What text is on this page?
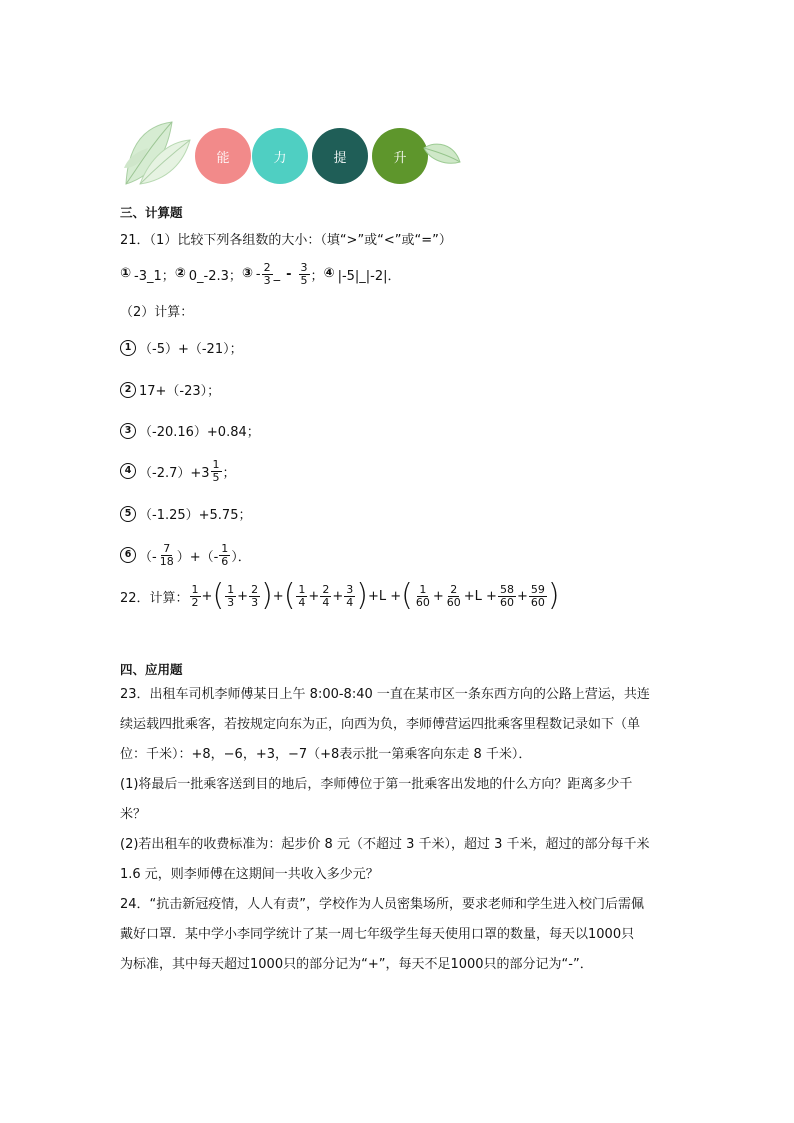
能	力	提	升
三、计算题
21．（1）比较下列各组数的大小：（填“>”或“<”或“=”）
① -3_1； ② 0_-2.3； ③ - $\frac{2}{3}$ _ - $\frac{3}{5}$ ； ④ |-5|_|-2|．
（2）计算：
1 （-5）+（-21）；
2 17+（-23）；
3 （-20.16）+0.84；
4 $(-2.7)+3 \frac{1}{5}$ ；
5 （-1.25）+5.75；
6 （- $\frac{7}{18}$ ）+（- $\frac{1}{6}$ ）．
22．计算： $\frac{1}{2}$ + ( $\frac{1}{3} + \frac{2}{3}$ ) + ( $\frac{1}{4} + \frac{2}{4} + \frac{3}{4}$ ) + L + ( $\frac{1}{60} + \frac{2}{60} + L + \frac{58}{60} + \frac{59}{60}$ )
四、应用题
23．出租车司机李师傅某日上午 8:00-8:40 一直在某市区一条东西方向的公路上营运，共连
续运载四批乘客，若按规定向东为正，向西为负，李师傅营运四批乘客里程数记录如下（单
位：千米）：+8，−6，+3，−7（+8表示批一第乘客向东走 8 千米）．
(1)将最后一批乘客送到目的地后，李师傅位于第一批乘客出发地的什么方向？距离多少千
米？
(2)若出租车的收费标准为：起步价 8 元（不超过 3 千米），超过 3 千米，超过的部分每千米
1.6 元，则李师傅在这期间一共收入多少元？
24．“抗击新冠疫情，人人有责”，学校作为人员密集场所，要求老师和学生进入校门后需佩
戴好口罩．某中学小李同学统计了某一周七年级学生每天使用口罩的数量，每天以1000只
为标准，其中每天超过1000只的部分记为“+”，每天不足1000只的部分记为“-”．
